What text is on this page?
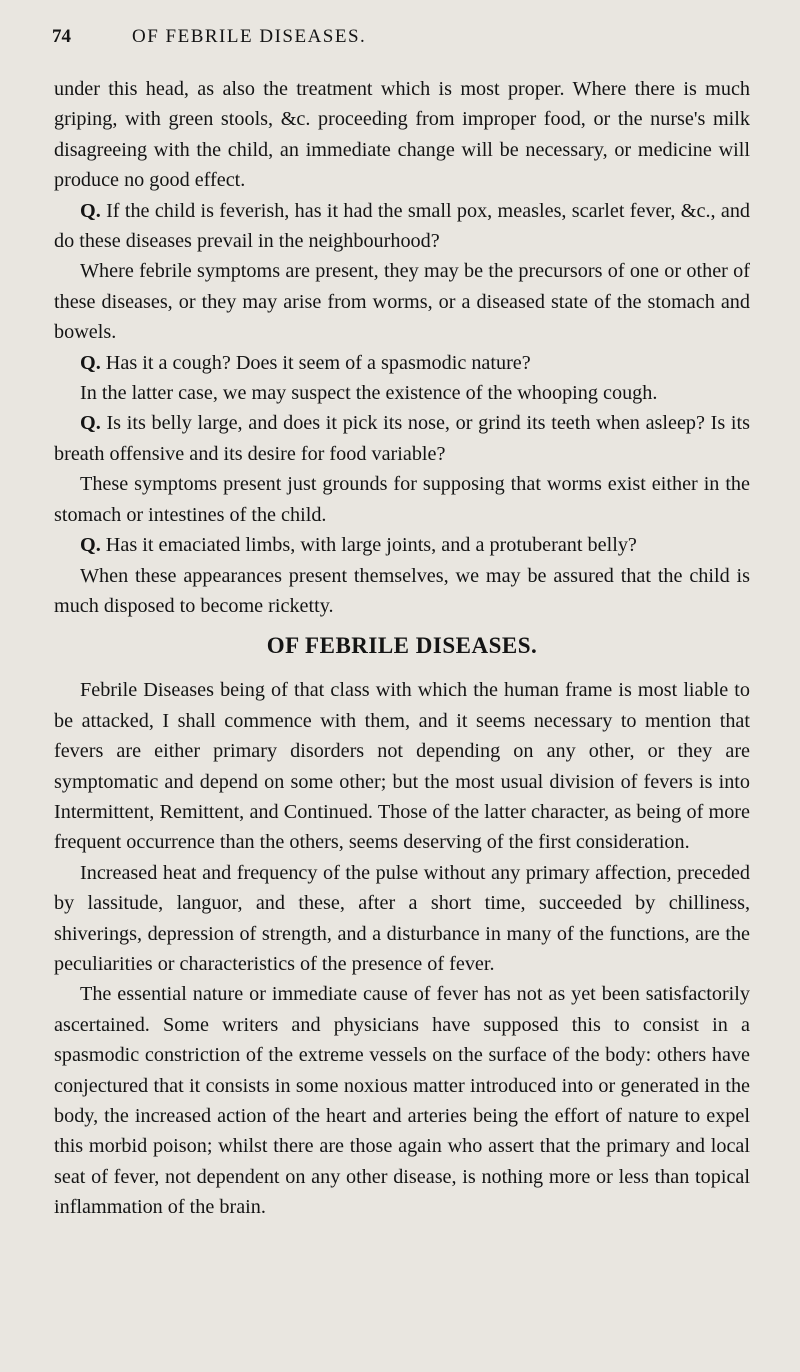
74	OF FEBRILE DISEASES.

under this head, as also the treatment which is most proper. Where there is much griping, with green stools, &c. proceeding from improper food, or the nurse's milk disagreeing with the child, an immediate change will be necessary, or medicine will produce no good effect.

Q. If the child is feverish, has it had the small pox, measles, scarlet fever, &c., and do these diseases prevail in the neighbourhood?

Where febrile symptoms are present, they may be the precursors of one or other of these diseases, or they may arise from worms, or a diseased state of the stomach and bowels.

Q. Has it a cough? Does it seem of a spasmodic nature?

In the latter case, we may suspect the existence of the whooping cough.

Q. Is its belly large, and does it pick its nose, or grind its teeth when asleep? Is its breath offensive and its desire for food variable?

These symptoms present just grounds for supposing that worms exist either in the stomach or intestines of the child.

Q. Has it emaciated limbs, with large joints, and a protuberant belly?

When these appearances present themselves, we may be assured that the child is much disposed to become ricketty.

OF FEBRILE DISEASES.

Febrile Diseases being of that class with which the human frame is most liable to be attacked, I shall commence with them, and it seems necessary to mention that fevers are either primary disorders not depending on any other, or they are symptomatic and depend on some other; but the most usual division of fevers is into Intermittent, Remittent, and Continued. Those of the latter character, as being of more frequent occurrence than the others, seems deserving of the first consideration.

Increased heat and frequency of the pulse without any primary affection, preceded by lassitude, languor, and these, after a short time, succeeded by chilliness, shiverings, depression of strength, and a disturbance in many of the functions, are the peculiarities or characteristics of the presence of fever.

The essential nature or immediate cause of fever has not as yet been satisfactorily ascertained. Some writers and physicians have supposed this to consist in a spasmodic constriction of the extreme vessels on the surface of the body: others have conjectured that it consists in some noxious matter introduced into or generated in the body, the increased action of the heart and arteries being the effort of nature to expel this morbid poison; whilst there are those again who assert that the primary and local seat of fever, not dependent on any other disease, is nothing more or less than topical inflammation of the brain.
